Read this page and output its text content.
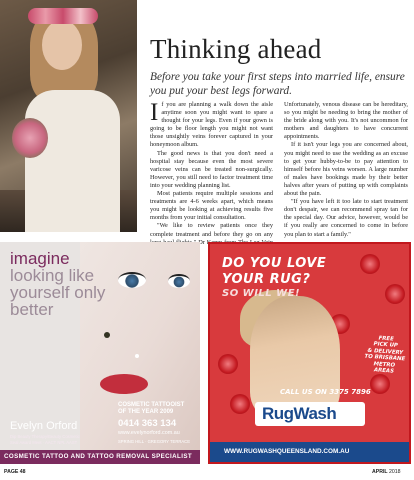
Thinking ahead
Before you take your first steps into married life, ensure you put your best legs forward.

If you are planning a walk down the aisle anytime soon you might want to spare a thought for your legs. Even if your gown is going to be floor length you might not want those unsightly veins forever captured in your honeymoon album.

The good news is that you don't need a hospital stay because even the most severe varicose veins can be treated non-surgically. However, you still need to factor treatment time into your wedding planning list.

Most patients require multiple sessions and treatments are 4-6 weeks apart, which means you might be looking at achieving results five months from your initial consultation.

"We like to review patients once they complete treatment and before they go on any Dr

Unfortunately, venous disease can be hereditary, so you might be needing to bring the mother of the bride along with you. It's not uncommon for mothers and daughters to have concurrent appointments.

If it isn't your legs you are concerned about, you might need to use the wedding as an excuse to get your hubby-to-be to pay attention to himself before his veins worsen. A large number of males have bookings made by their better halves after years of putting up with complaints about the pain.

"If you have left it too late to start treatment don't despair, we can recommend spray tan for the special day. Our advice, however, would be if you really are concerned to come in before you plan to start a family."

imagine
looking like
yourself only
better
COSMETIC TATTOOIST
OF THE YEAR 2009
0414 363 134
www.evelynorford.com.au
SPRING HILL · GREGORY TERRACE
Evelyn Orford
Dip Beauty Therapy/Beauty Cosmetic
Seal Award Meet · AACT NPL AAST
COSMETIC TATTOO AND TATTOO REMOVAL SPECIALIST
DO YOU LOVE
YOUR RUG?
SO WILL WE!
FREE
PICK UP
& DELIVERY
TO BRISBANE
METRO
AREAS
CALL US ON 3375 7896
RugWash
WWW.RUGWASHQUEENSLAND.COM.AU
PAGE 48	APRIL 2018
